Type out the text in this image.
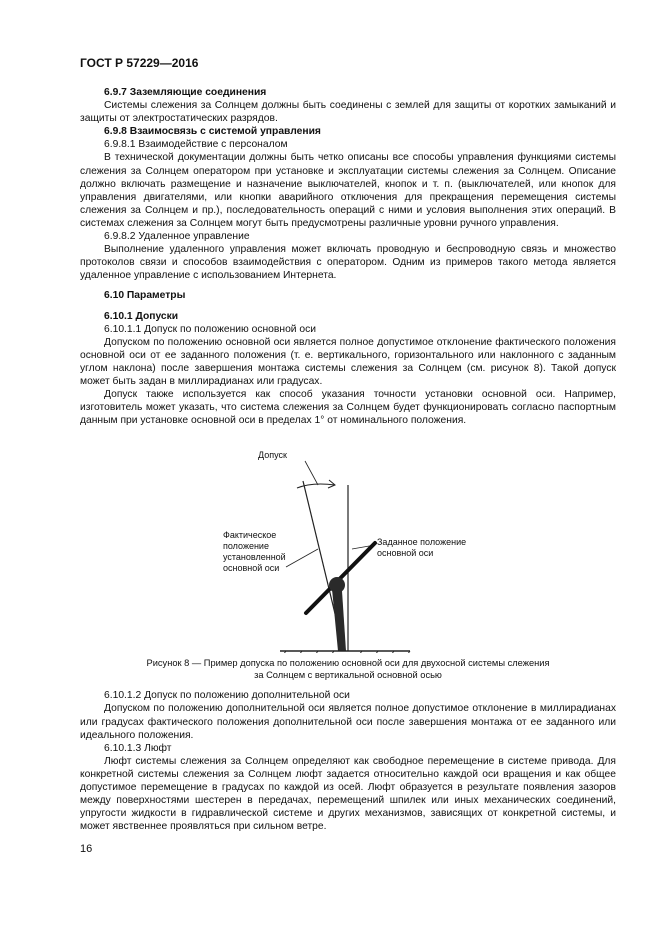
ГОСТ Р 57229—2016

6.9.7 Заземляющие соединения

Системы слежения за Солнцем должны быть соединены с землей для защиты от коротких замыканий и защиты от электростатических разрядов.

6.9.8 Взаимосвязь с системой управления

6.9.8.1 Взаимодействие с персоналом

В технической документации должны быть четко описаны все способы управления функциями системы слежения за Солнцем оператором при установке и эксплуатации системы слежения за Солнцем. Описание должно включать размещение и назначение выключателей, кнопок и т. п. (выключателей, или кнопок для управления двигателями, или кнопки аварийного отключения для прекращения перемещения системы слежения за Солнцем и пр.), последовательность операций с ними и условия выполнения этих операций. В системах слежения за Солнцем могут быть предусмотрены различные уровни ручного управления.

6.9.8.2 Удаленное управление

Выполнение удаленного управления может включать проводную и беспроводную связь и множество протоколов связи и способов взаимодействия с оператором. Одним из примеров такого метода является удаленное управление с использованием Интернета.

6.10 Параметры

6.10.1 Допуски

6.10.1.1 Допуск по положению основной оси

Допуском по положению основной оси является полное допустимое отклонение фактического положения основной оси от ее заданного положения (т. е. вертикального, горизонтального или наклонного с заданным углом наклона) после завершения монтажа системы слежения за Солнцем (см. рисунок 8). Такой допуск может быть задан в миллирадианах или градусах.

Допуск также используется как способ указания точности установки основной оси. Например, изготовитель может указать, что система слежения за Солнцем будет функционировать согласно паспортным данным при установке основной оси в пределах 1° от номинального положения.

Допуск
Фактическое
положение
установленной
основной оси
Заданное положение
основной оси
Рисунок 8 — Пример допуска по положению основной оси для двухосной системы слежения
за Солнцем с вертикальной основной осью

6.10.1.2 Допуск по положению дополнительной оси

Допуском по положению дополнительной оси является полное допустимое отклонение в миллирадианах или градусах фактического положения дополнительной оси после завершения монтажа от ее заданного или идеального положения.

6.10.1.3 Люфт

Люфт системы слежения за Солнцем определяют как свободное перемещение в системе привода. Для конкретной системы слежения за Солнцем люфт задается относительно каждой оси вращения и как общее допустимое перемещение в градусах по каждой из осей. Люфт образуется в результате появления зазоров между поверхностями шестерен в передачах, перемещений шпилек или иных механических соединений, упругости жидкости в гидравлической системе и других механизмов, зависящих от конкретной системы, и может явственнее проявляться при сильном ветре.

16
